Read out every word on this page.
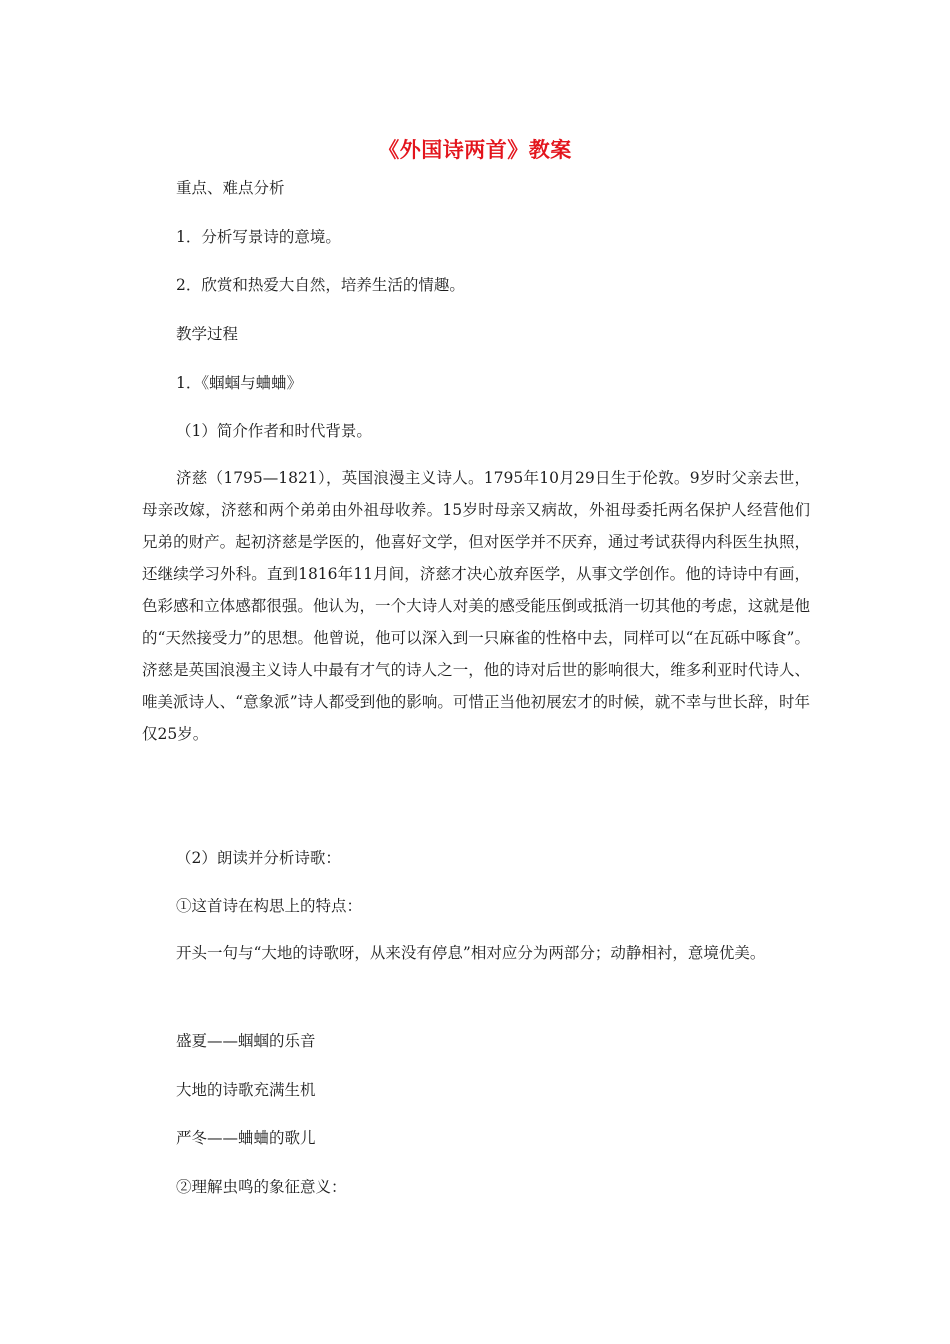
《外国诗两首》教案
重点、难点分析
1．分析写景诗的意境。
2．欣赏和热爱大自然，培养生活的情趣。
教学过程
1．《蝈蝈与蛐蛐》
（1）简介作者和时代背景。
济慈（1795—1821），英国浪漫主义诗人。1795年10月29日生于伦敦。9岁时父亲去世，母亲改嫁，济慈和两个弟弟由外祖母收养。15岁时母亲又病故，外祖母委托两名保护人经营他们兄弟的财产。起初济慈是学医的，他喜好文学，但对医学并不厌弃，通过考试获得内科医生执照，还继续学习外科。直到1816年11月间，济慈才决心放弃医学，从事文学创作。他的诗诗中有画，色彩感和立体感都很强。他认为，一个大诗人对美的感受能压倒或抵消一切其他的考虑，这就是他的“天然接受力”的思想。他曾说，他可以深入到一只麻雀的性格中去，同样可以“在瓦砾中啄食”。济慈是英国浪漫主义诗人中最有才气的诗人之一，他的诗对后世的影响很大，维多利亚时代诗人、唯美派诗人、“意象派”诗人都受到他的影响。可惜正当他初展宏才的时候，就不幸与世长辞，时年仅25岁。
（2）朗读并分析诗歌：
①这首诗在构思上的特点：
开头一句与“大地的诗歌呀，从来没有停息”相对应分为两部分；动静相衬，意境优美。
盛夏——蝈蝈的乐音
大地的诗歌充满生机
严冬——蛐蛐的歌儿
②理解虫鸣的象征意义：
